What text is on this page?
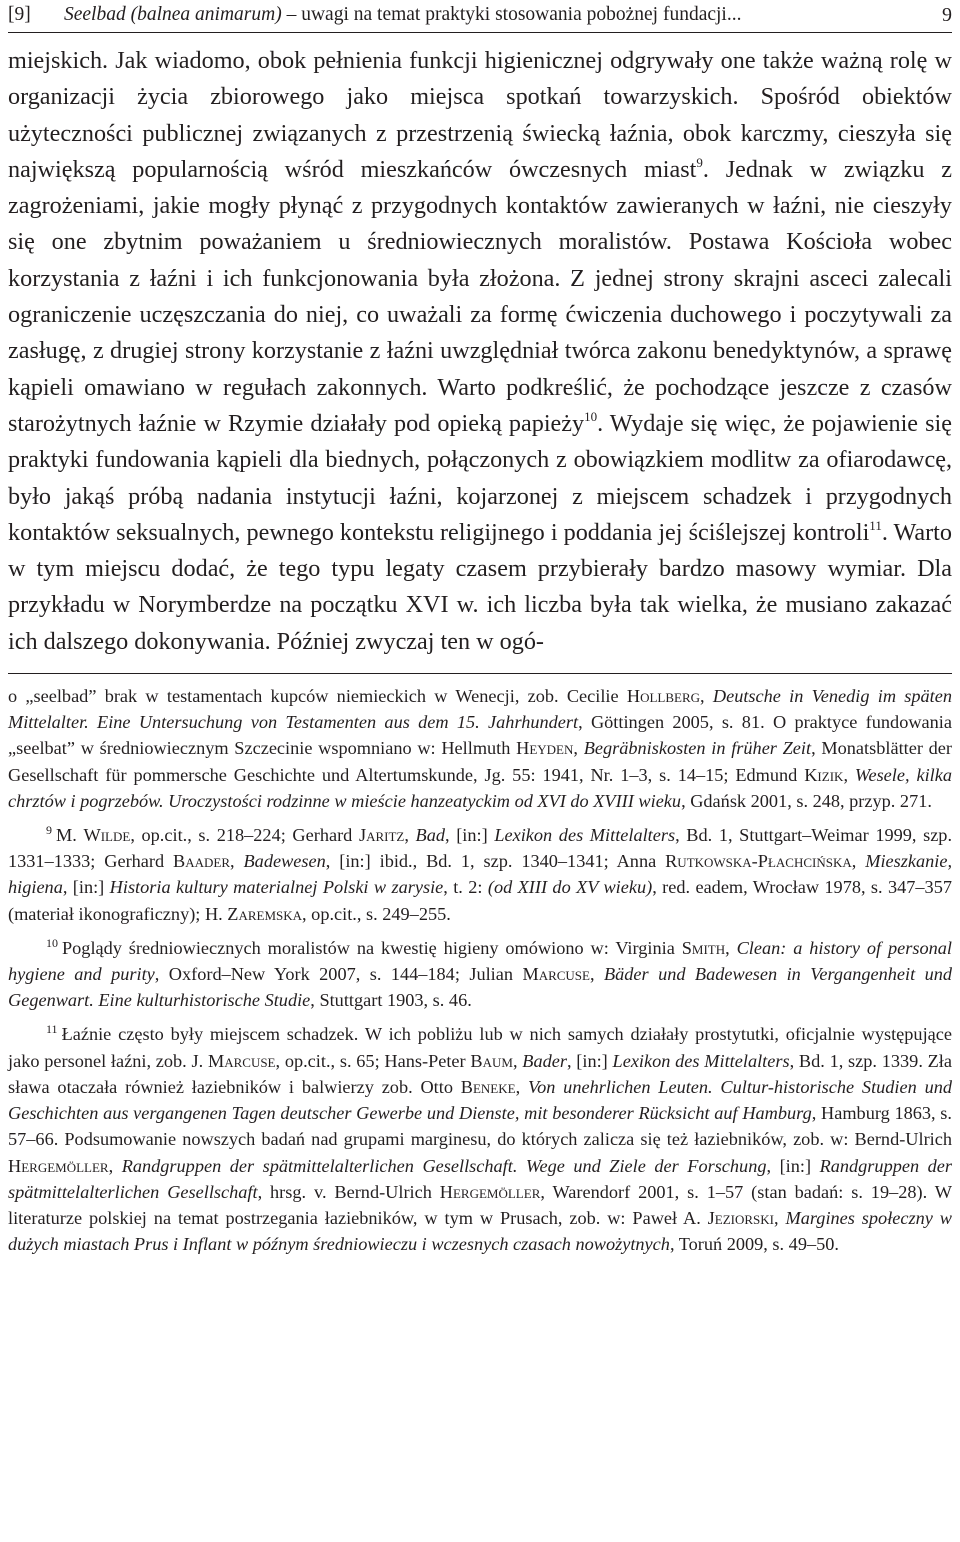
[9] Seelbad (balnea animarum) – uwagi na temat praktyki stosowania pobożnej fundacji...	9
miejskich. Jak wiadomo, obok pełnienia funkcji higienicznej odgrywały one także ważną rolę w organizacji życia zbiorowego jako miejsca spotkań towarzyskich. Spośród obiektów użyteczności publicznej związanych z przestrzenią świecką łaźnia, obok karczmy, cieszyła się największą popularnością wśród mieszkańców ówczesnych miast$^9$. Jednak w związku z zagrożeniami, jakie mogły płynąć z przygodnych kontaktów zawieranych w łaźni, nie cieszyły się one zbytnim poważaniem u średniowiecznych moralistów. Postawa Kościoła wobec korzystania z łaźni i ich funkcjonowania była złożona. Z jednej strony skrajni asceci zalecali ograniczenie uczęszczania do niej, co uważali za formę ćwiczenia duchowego i poczytywali za zasługę, z drugiej strony korzystanie z łaźni uwzględniał twórca zakonu benedyktynów, a sprawę kąpieli omawiano w regułach zakonnych. Warto podkreślić, że pochodzące jeszcze z czasów starożytnych łaźnie w Rzymie działały pod opieką papieży$^{10}$. Wydaje się więc, że pojawienie się praktyki fundowania kąpieli dla biednych, połączonych z obowiązkiem modlitw za ofiarodawcę, było jakąś próbą nadania instytucji łaźni, kojarzonej z miejscem schadzek i przygodnych kontaktów seksualnych, pewnego kontekstu religijnego i poddania jej ściślejszej kontroli$^{11}$. Warto w tym miejscu dodać, że tego typu legaty czasem przybierały bardzo masowy wymiar. Dla przykładu w Norymberdze na początku XVI w. ich liczba była tak wielka, że musiano zakazać ich dalszego dokonywania. Później zwyczaj ten w ogó-

o „seelbad” brak w testamentach kupców niemieckich w Wenecji, zob. Cecilie Hollberg, Deutsche in Venedig im späten Mittelalter. Eine Untersuchung von Testamenten aus dem 15. Jahrhundert, Göttingen 2005, s. 81. O praktyce fundowania „seelbat” w średniowiecznym Szczecinie wspomniano w: Hellmuth Heyden, Begräbniskosten in früher Zeit, Monatsblätter der Gesellschaft für pommersche Geschichte und Altertumskunde, Jg. 55: 1941, Nr. 1–3, s. 14–15; Edmund Kizik, Wesele, kilka chrztów i pogrzebów. Uroczystości rodzinne w mieście hanzeatyckim od XVI do XVIII wieku, Gdańsk 2001, s. 248, przyp. 271.

$^9$ M. Wilde, op.cit., s. 218–224; Gerhard Jaritz, Bad, [in:] Lexikon des Mittelalters, Bd. 1, Stuttgart–Weimar 1999, szp. 1331–1333; Gerhard Baader, Badewesen, [in:] ibid., Bd. 1, szp. 1340–1341; Anna Rutkowska-Płachcińska, Mieszkanie, higiena, [in:] Historia kultury materialnej Polski w zarysie, t. 2: (od XIII do XV wieku), red. eadem, Wrocław 1978, s. 347–357 (materiał ikonograficzny); H. Zaremska, op.cit., s. 249–255.

$^{10}$ Poglądy średniowiecznych moralistów na kwestię higieny omówiono w: Virginia Smith, Clean: a history of personal hygiene and purity, Oxford–New York 2007, s. 144–184; Julian Marcuse, Bäder und Badewesen in Vergangenheit und Gegenwart. Eine kulturhistorische Studie, Stuttgart 1903, s. 46.

$^{11}$ Łaźnie często były miejscem schadzek. W ich pobliżu lub w nich samych działały prostytutki, oficjalnie występujące jako personel łaźni, zob. J. Marcuse, op.cit., s. 65; Hans-Peter Baum, Bader, [in:] Lexikon des Mittelalters, Bd. 1, szp. 1339. Zła sława otaczała również łaziebników i balwierzy zob. Otto Beneke, Von unehrlichen Leuten. Cultur-historische Studien und Geschichten aus vergangenen Tagen deutscher Gewerbe und Dienste, mit besonderer Rücksicht auf Hamburg, Hamburg 1863, s. 57–66. Podsumowanie nowszych badań nad grupami marginesu, do których zalicza się też łaziebników, zob. w: Bernd-Ulrich Hergemöller, Randgruppen der spätmittelalterlichen Gesellschaft. Wege und Ziele der Forschung, [in:] Randgruppen der spätmittelalterlichen Gesellschaft, hrsg. v. Bernd-Ulrich Hergemöller, Warendorf 2001, s. 1–57 (stan badań: s. 19–28). W literaturze polskiej na temat postrzegania łaziebników, w tym w Prusach, zob. w: Paweł A. Jeziorski, Margines społeczny w dużych miastach Prus i Inflant w późnym średniowieczu i wczesnych czasach nowożytnych, Toruń 2009, s. 49–50.
